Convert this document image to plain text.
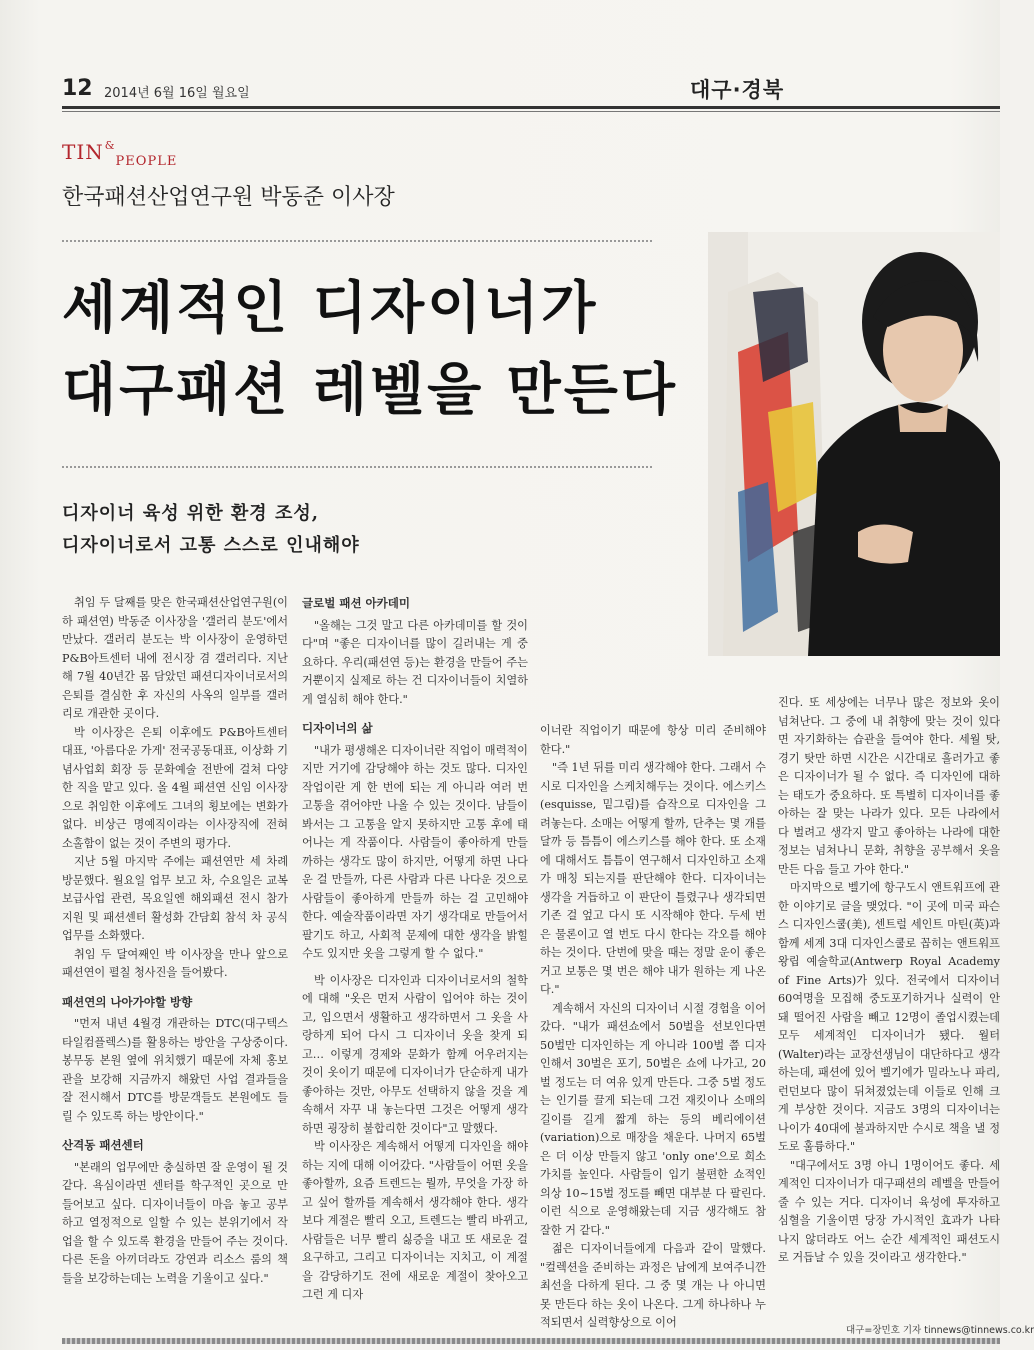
12 2014년 6월 16일 월요일	대구·경북
$TIN^{\&}_{PEOPLE}$
한국패션산업연구원 박동준 이사장
세계적인 디자이너가
대구패션 레벨을 만든다
디자이너 육성 위한 환경 조성,
디자이너로서 고통 스스로 인내해야

취임 두 달째를 맞은 한국패션산업연구원(이하 패션연) 박동준 이사장을 '갤러리 분도'에서 만났다. 갤러리 분도는 박 이사장이 운영하던 P&B아트센터 내에 전시장 겸 갤러리다. 지난해 7월 40년간 몸 담았던 패션디자이너로서의 은퇴를 결심한 후 자신의 사옥의 일부를 갤러리로 개관한 곳이다.

박 이사장은 은퇴 이후에도 P&B아트센터 대표, '아름다운 가게' 전국공동대표, 이상화 기념사업회 회장 등 문화예술 전반에 걸쳐 다양한 직을 맡고 있다. 올 4월 패션연 신임 이사장으로 취임한 이후에도 그녀의 횡보에는 변화가 없다. 비상근 명예직이라는 이사장직에 전혀 소홀함이 없는 것이 주변의 평가다.

지난 5월 마지막 주에는 패션연만 세 차례 방문했다. 월요일 업무 보고 차, 수요일은 교복 보급사업 관련, 목요일엔 해외패션 전시 참가 지원 및 패션센터 활성화 간담회 참석 차 공식 업무를 소화했다.

취임 두 달여째인 박 이사장을 만나 앞으로 패션연이 펼칠 청사진을 들어봤다.

패션연의 나아가야할 방향

"먼저 내년 4월경 개관하는 DTC(대구텍스타일컴플렉스)를 활용하는 방안을 구상중이다. 봉무동 본원 옆에 위치했기 때문에 자체 홍보관을 보강해 지금까지 해왔던 사업 결과들을 잘 전시해서 DTC를 방문객들도 본원에도 들릴 수 있도록 하는 방안이다."

산격동 패션센터

"본래의 업무에만 충실하면 잘 운영이 될 것 같다. 욕심이라면 센터를 학구적인 곳으로 만들어보고 싶다. 디자이너들이 마음 놓고 공부하고 열정적으로 일할 수 있는 분위기에서 작업을 할 수 있도록 환경을 만들어 주는 것이다. 다른 돈을 아끼더라도 강연과 리소스 룸의 책들을 보강하는데는 노력을 기울이고 싶다."

글로벌 패션 아카데미

"올해는 그것 말고 다른 아카데미를 할 것이다"며 "좋은 디자이너를 많이 길러내는 게 중요하다. 우리(패션연 등)는 환경을 만들어 주는 거뿐이지 실제로 하는 건 디자이너들이 치열하게 열심히 해야 한다."

디자이너의 삶

"내가 평생해온 디자이너란 직업이 매력적이지만 거기에 감당해야 하는 것도 많다. 디자인 작업이란 게 한 번에 되는 게 아니라 여러 번 고통을 겪어야만 나올 수 있는 것이다. 남들이 봐서는 그 고통을 알지 못하지만 고통 후에 태어나는 게 작품이다. 사람들이 좋아하게 만들까하는 생각도 많이 하지만, 어떻게 하면 나다운 걸 만들까, 다른 사람과 다른 나다운 것으로 사람들이 좋아하게 만들까 하는 걸 고민해야 한다. 예술작품이라면 자기 생각대로 만들어서 팔기도 하고, 사회적 문제에 대한 생각을 밝힐 수도 있지만 옷을 그렇게 할 수 없다."

박 이사장은 디자인과 디자이너로서의 철학에 대해 "옷은 먼저 사람이 입어야 하는 것이고, 입으면서 생활하고 생각하면서 그 옷을 사랑하게 되어 다시 그 디자이너 옷을 찾게 되고… 이렇게 경제와 문화가 함께 어우러지는 것이 옷이기 때문에 디자이너가 단순하게 내가 좋아하는 것만, 아무도 선택하지 않을 것을 계속해서 자꾸 내 놓는다면 그것은 어떻게 생각하면 굉장히 불합리한 것이다"고 말했다.

박 이사장은 계속해서 어떻게 디자인을 해야 하는 지에 대해 이어갔다. "사람들이 어떤 옷을 좋아할까, 요즘 트렌드는 뭘까, 무엇을 가장 하고 싶어 할까를 계속해서 생각해야 한다. 생각보다 계절은 빨리 오고, 트렌드는 빨리 바뀌고, 사람들은 너무 빨리 싫증을 내고 또 새로운 걸 요구하고, 그리고 디자이너는 지치고, 이 계절을 감당하기도 전에 새로운 계절이 찾아오고 그런 게 디자

이너란 직업이기 때문에 항상 미리 준비해야 한다."

"즉 1년 뒤를 미리 생각해야 한다. 그래서 수시로 디자인을 스케치해두는 것이다. 에스키스(esquisse, 밑그림)를 습작으로 디자인을 그려놓는다. 소매는 어떻게 할까, 단추는 몇 개를 달까 등 틈틈이 에스키스를 해야 한다. 또 소재에 대해서도 틈틈이 연구해서 디자인하고 소재가 매칭 되는지를 판단해야 한다. 디자이너는 생각을 거듭하고 이 판단이 틀렸구나 생각되면 기존 걸 엎고 다시 또 시작해야 한다. 두세 번은 물론이고 열 번도 다시 한다는 각오를 해야 하는 것이다. 단번에 맞을 때는 정말 운이 좋은 거고 보통은 몇 번은 해야 내가 원하는 게 나온다."

계속해서 자신의 디자이너 시절 경험을 이어갔다. "내가 패션쇼에서 50벌을 선보인다면 50벌만 디자인하는 게 아니라 100벌 쯤 디자인해서 30벌은 포기, 50벌은 쇼에 나가고, 20벌 정도는 더 여유 있게 만든다. 그중 5벌 정도는 인기를 끌게 되는데 그건 재킷이나 소매의 길이를 길게 짧게 하는 등의 베리에이션(variation)으로 매장을 채운다. 나머지 65벌은 더 이상 만들지 않고 'only one'으로 희소가치를 높인다. 사람들이 입기 불편한 쇼적인 의상 10~15벌 정도를 빼면 대부분 다 팔린다. 이런 식으로 운영해왔는데 지금 생각해도 참 잘한 거 같다."

젊은 디자이너들에게 다음과 같이 말했다. "컬렉션을 준비하는 과정은 남에게 보여주니깐 최선을 다하게 된다. 그 중 몇 개는 나 아니면 못 만든다 하는 옷이 나온다. 그게 하나하나 누적되면서 실력향상으로 이어

진다. 또 세상에는 너무나 많은 정보와 옷이 넘쳐난다. 그 중에 내 취향에 맞는 것이 있다면 자기화하는 습관을 들여야 한다. 세월 탓, 경기 탓만 하면 시간은 시간대로 흘러가고 좋은 디자이너가 될 수 없다. 즉 디자인에 대하는 태도가 중요하다. 또 특별히 디자이너를 좋아하는 잘 맞는 나라가 있다. 모든 나라에서 다 벌려고 생각지 말고 좋아하는 나라에 대한 정보는 넘쳐나니 문화, 취향을 공부해서 옷을 만든 다음 들고 가야 한다."

마지막으로 벨기에 항구도시 앤트워프에 관한 이야기로 글을 맺었다. "이 곳에 미국 파슨스 디자인스쿨(美), 센트럴 세인트 마틴(英)과 함께 세계 3대 디자인스쿨로 꼽히는 앤트워프 왕립 예술학교(Antwerp Royal Academy of Fine Arts)가 있다. 전국에서 디자이너 60여명을 모집해 중도포기하거나 실력이 안 돼 떨어진 사람을 빼고 12명이 졸업시켰는데 모두 세계적인 디자이너가 됐다. 월터(Walter)라는 교장선생님이 대단하다고 생각하는데, 패션에 있어 벨기에가 밀라노나 파리, 런던보다 많이 뒤쳐졌었는데 이들로 인해 크게 부상한 것이다. 지금도 3명의 디자이너는 나이가 40대에 불과하지만 수시로 책을 낼 정도로 훌륭하다."

"대구에서도 3명 아니 1명이어도 좋다. 세계적인 디자이너가 대구패션의 레벨을 만들어 줄 수 있는 거다. 디자이너 육성에 투자하고 심혈을 기울이면 당장 가시적인 효과가 나타나지 않더라도 어느 순간 세계적인 패션도시로 거듭날 수 있을 것이라고 생각한다."

대구=장민호 기자 tinnews@tinnews.co.kr
